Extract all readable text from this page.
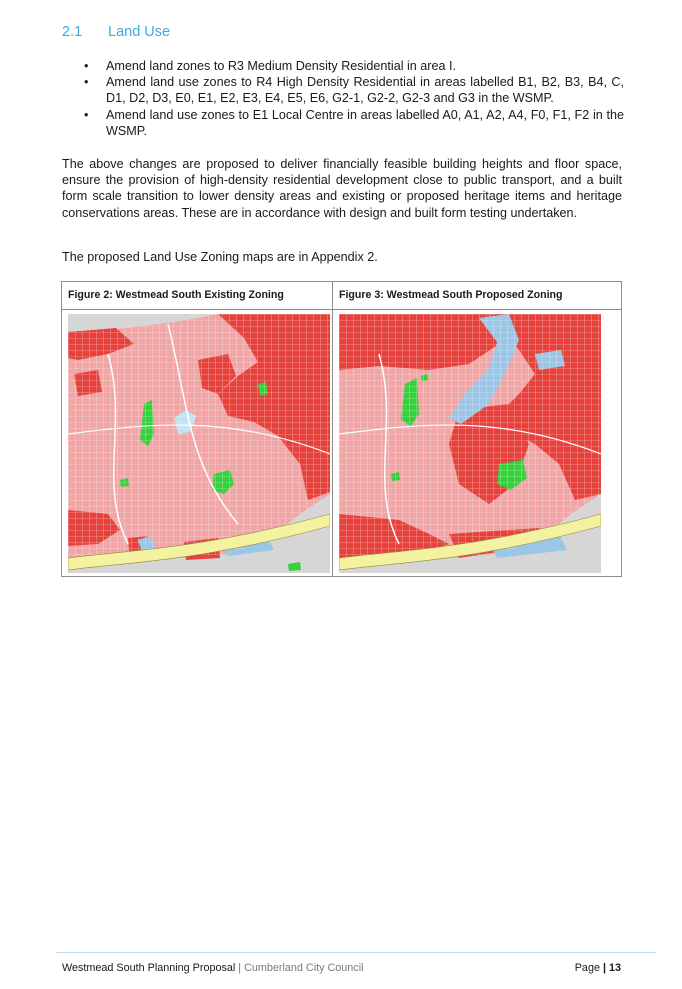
2.1 Land Use
• Amend land zones to R3 Medium Density Residential in area I.
• Amend land use zones to R4 High Density Residential in areas labelled B1, B2, B3, B4, C, D1, D2, D3, E0, E1, E2, E3, E4, E5, E6, G2-1, G2-2, G2-3 and G3 in the WSMP.
• Amend land use zones to E1 Local Centre in areas labelled A0, A1, A2, A4, F0, F1, F2 in the WSMP.

The above changes are proposed to deliver financially feasible building heights and floor space, ensure the provision of high-density residential development close to public transport, and a built form scale transition to lower density areas and existing or proposed heritage items and heritage conservations areas. These are in accordance with design and built form testing undertaken.

The proposed Land Use Zoning maps are in Appendix 2.

Figure 2: Westmead South Existing Zoning	Figure 3: Westmead South Proposed Zoning
Westmead South Planning Proposal | Cumberland City Council	Page | 13
